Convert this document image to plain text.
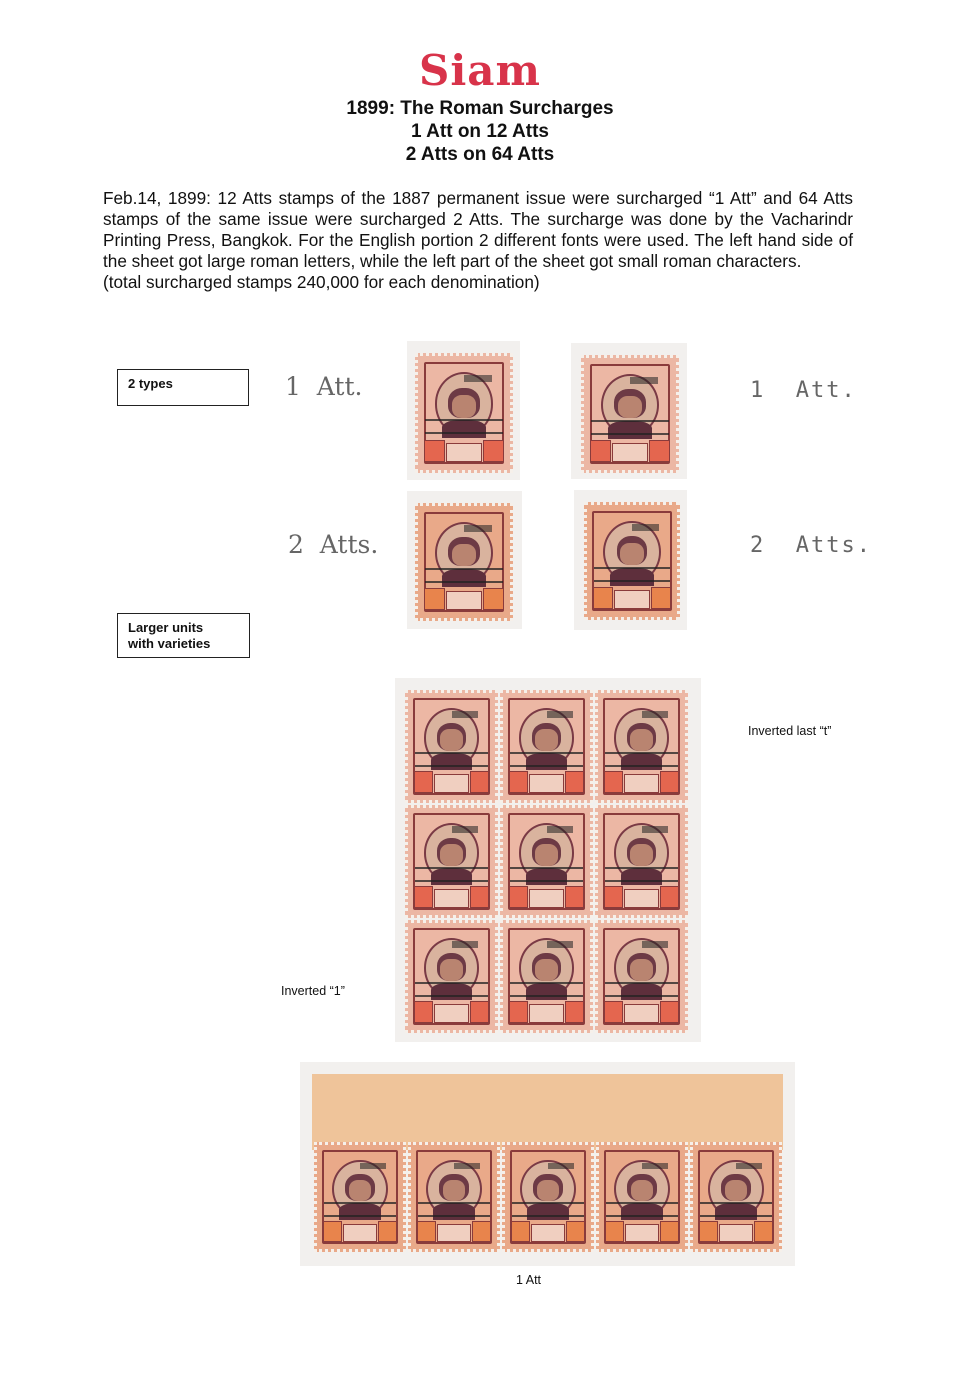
Siam
1899: The Roman Surcharges
1 Att on 12 Atts
2 Atts on 64 Atts

Feb.14, 1899: 12 Atts stamps of the 1887 permanent issue were surcharged “1 Att” and 64 Atts stamps of the same issue were surcharged 2 Atts. The surcharge was done by the Vacharindr Printing Press, Bangkok. For the English portion 2 different fonts were used. The left hand side of the sheet got large roman letters, while the left part of the sheet got small roman characters.

(total surcharged stamps 240,000 for each denomination)

2 types	1  Att.	1  Att.
2  Atts.	2  Atts.
Larger units
with varieties
Inverted last “t”
Inverted “1”
1 Att
